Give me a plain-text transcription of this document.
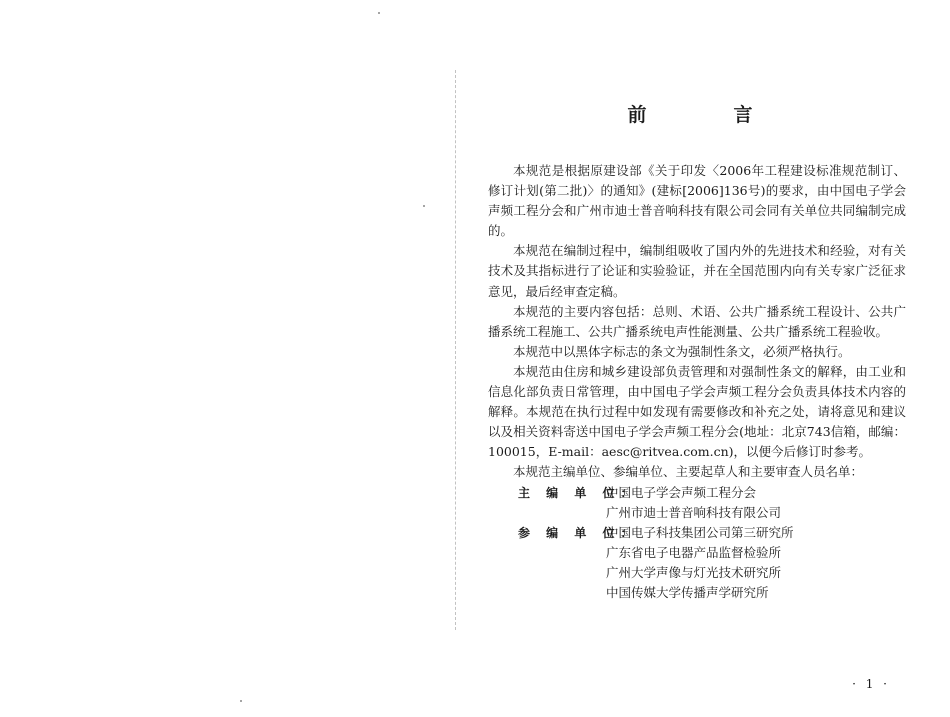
前　言

本规范是根据原建设部《关于印发〈2006年工程建设标准规范制订、修订计划(第二批)〉的通知》(建标[2006]136号)的要求，由中国电子学会声频工程分会和广州市迪士普音响科技有限公司会同有关单位共同编制完成的。

本规范在编制过程中，编制组吸收了国内外的先进技术和经验，对有关技术及其指标进行了论证和实验验证，并在全国范围内向有关专家广泛征求意见，最后经审查定稿。

本规范的主要内容包括：总则、术语、公共广播系统工程设计、公共广播系统工程施工、公共广播系统电声性能测量、公共广播系统工程验收。

本规范中以黑体字标志的条文为强制性条文，必须严格执行。

本规范由住房和城乡建设部负责管理和对强制性条文的解释，由工业和信息化部负责日常管理，由中国电子学会声频工程分会负责具体技术内容的解释。本规范在执行过程中如发现有需要修改和补充之处，请将意见和建议以及相关资料寄送中国电子学会声频工程分会(地址：北京743信箱，邮编：100015，E-mail：aesc@ritvea.com.cn)，以便今后修订时参考。

本规范主编单位、参编单位、主要起草人和主要审查人员名单：

主 编 单 位：
中国电子学会声频工程分会
广州市迪士普音响科技有限公司
参 编 单 位：
中国电子科技集团公司第三研究所
广东省电子电器产品监督检验所
广州大学声像与灯光技术研究所
中国传媒大学传播声学研究所
· 1 ·
